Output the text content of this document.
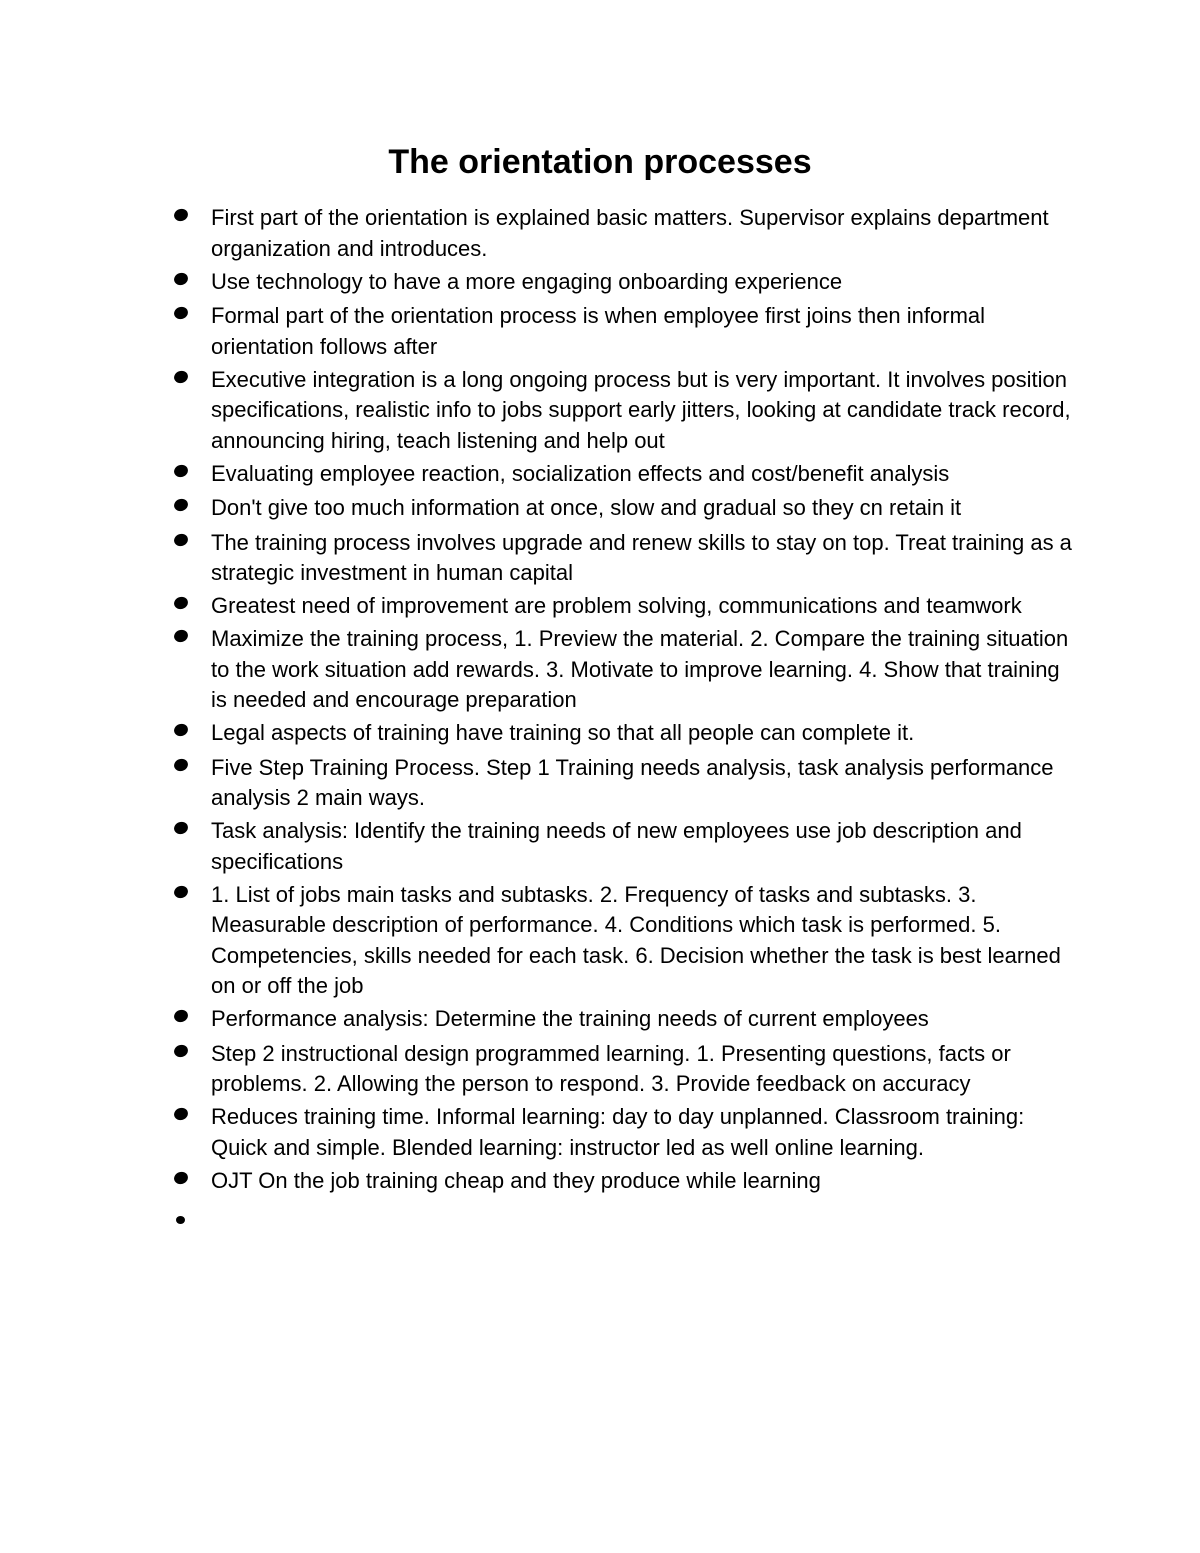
The orientation processes
First part of the orientation is explained basic matters. Supervisor explains department organization and introduces.
Use technology to have a more engaging onboarding experience
Formal part of the orientation process is when employee first joins then informal orientation follows after
Executive integration is a long ongoing process but is very important. It involves position specifications, realistic info to jobs support early jitters, looking at candidate track record, announcing hiring, teach listening and help out
Evaluating employee reaction, socialization effects and cost/benefit analysis
Don't give too much information at once, slow and gradual so they cn retain it
The training process involves upgrade and renew skills to stay on top. Treat training as a strategic investment in human capital
Greatest need of improvement are problem solving, communications and teamwork
Maximize the training process, 1. Preview the material. 2. Compare the training situation to the work situation add rewards. 3. Motivate to improve learning. 4. Show that training is needed and encourage preparation
Legal aspects of training have training so that all people can complete it.
Five Step Training Process. Step 1 Training needs analysis, task analysis performance analysis 2 main ways.
Task analysis: Identify the training needs of new employees use job description and specifications
1. List of jobs main tasks and subtasks. 2. Frequency of tasks and subtasks. 3. Measurable description of performance. 4. Conditions which task is performed. 5. Competencies, skills needed for each task. 6. Decision whether the task is best learned on or off the job
Performance analysis: Determine the training needs of current employees
Step 2 instructional design programmed learning. 1. Presenting questions, facts or problems. 2. Allowing the person to respond. 3. Provide feedback on accuracy
Reduces training time. Informal learning: day to day unplanned. Classroom training: Quick and simple. Blended learning: instructor led as well online learning.
OJT On the job training cheap and they produce while learning
